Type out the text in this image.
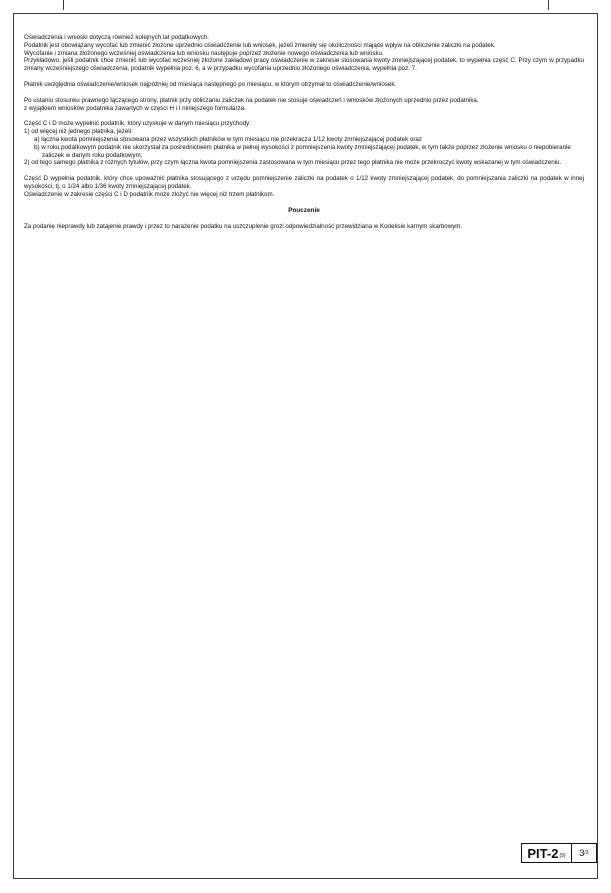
Oświadczenia i wnioski dotyczą również kolejnych lat podatkowych.

Podatnik jest obowiązany wycofać lub zmienić złożone uprzednio oświadczenie lub wniosek, jeżeli zmieniły się okoliczności mające wpływ na obliczenie zaliczki na podatek.

Wycofanie i zmiana złożonego wcześniej oświadczenia lub wniosku następuje poprzez złożenie nowego oświadczenia lub wniosku.

Przykładowo, jeśli podatnik chce zmienić lub wycofać wcześniej złożone zakładowi pracy oświadczenie w zakresie stosowania kwoty zmniejszającej podatek, to wypełnia część C. Przy czym w przypadku zmiany wcześniejszego oświadczenia, podatnik wypełnia poz. 6, a w przypadku wycofania uprzednio złożonego oświadczenia, wypełnia poz. 7.

Płatnik uwzględnia oświadczenie/wniosek najpóźniej od miesiąca następnego po miesiącu, w którym otrzymał to oświadczenie/wniosek.

Po ustaniu stosunku prawnego łączącego strony, płatnik przy obliczaniu zaliczek na podatek nie stosuje oświadczeń i wniosków złożonych uprzednio przez podatnika,

z wyjątkiem wniosków podatnika zawartych w części H i I niniejszego formularza.

Część C i D może wypełnić podatnik, który uzyskuje w danym miesiącu przychody:

1) od więcej niż jednego płatnika, jeżeli:

a) łączna kwota pomniejszenia stosowana przez wszystkich płatników w tym miesiącu nie przekracza 1/12 kwoty zmniejszającej podatek oraz

b) w roku podatkowym podatnik nie skorzystał za pośrednictwem płatnika w pełnej wysokości z pomniejszenia kwoty zmniejszającej podatek, w tym także poprzez złożenie wniosku o niepobieranie zaliczek w danym roku podatkowym;

2) od tego samego płatnika z różnych tytułów, przy czym łączna kwota pomniejszenia zastosowana w tym miesiącu przez tego płatnika nie może przekroczyć kwoty wskazanej w tym oświadczeniu.

Część D wypełnia podatnik, który chce upoważnić płatnika stosującego z urzędu pomniejszenie zaliczki na podatek o 1/12 kwoty zmniejszającej podatek, do pomniejszania zaliczki na podatek w innej wysokości, tj. o 1/24 albo 1/36 kwoty zmniejszającej podatek.

Oświadczenie w zakresie części C i D podatnik może złożyć nie więcej niż trzem płatnikom.

Pouczenie

Za podanie nieprawdy lub zatajenie prawdy i przez to narażenie podatku na uszczuplenie grozi odpowiedzialność przewidziana w Kodeksie karnym skarbowym.

PIT-2 (9) 3 /3
